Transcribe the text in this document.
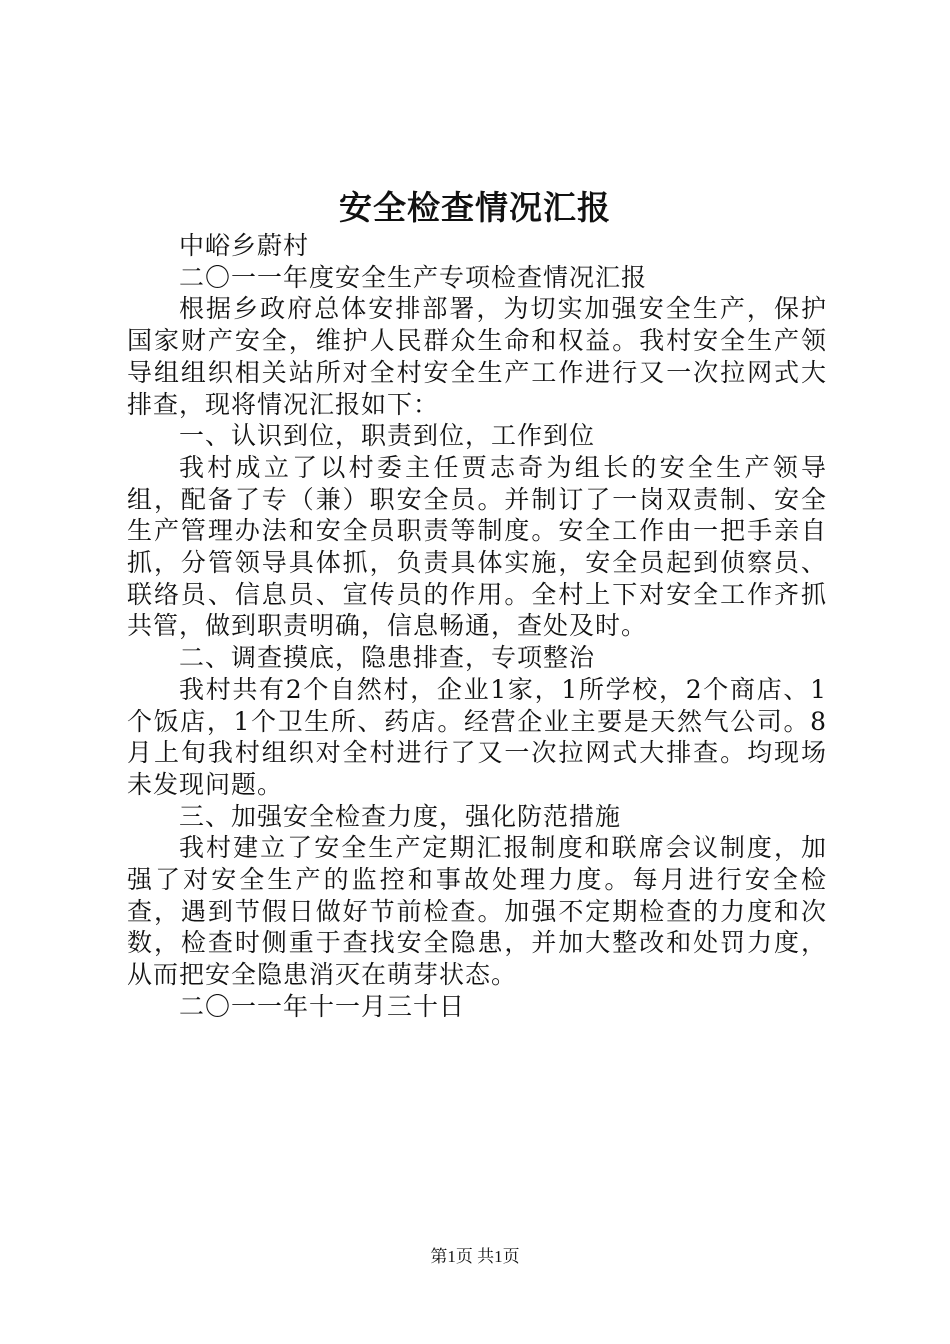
安全检查情况汇报

中峪乡蔚村

二〇一一年度安全生产专项检查情况汇报

根据乡政府总体安排部署，为切实加强安全生产，保护国家财产安全，维护人民群众生命和权益。我村安全生产领导组组织相关站所对全村安全生产工作进行又一次拉网式大排查，现将情况汇报如下：

一、认识到位，职责到位，工作到位

我村成立了以村委主任贾志奇为组长的安全生产领导组，配备了专（兼）职安全员。并制订了一岗双责制、安全生产管理办法和安全员职责等制度。安全工作由一把手亲自抓，分管领导具体抓，负责具体实施，安全员起到侦察员、联络员、信息员、宣传员的作用。全村上下对安全工作齐抓共管，做到职责明确，信息畅通，查处及时。

二、调查摸底，隐患排查，专项整治

我村共有2个自然村，企业1家，1所学校，2个商店、1个饭店，1个卫生所、药店。经营企业主要是天然气公司。8月上旬我村组织对全村进行了又一次拉网式大排查。均现场未发现问题。

三、加强安全检查力度，强化防范措施

我村建立了安全生产定期汇报制度和联席会议制度，加强了对安全生产的监控和事故处理力度。每月进行安全检查，遇到节假日做好节前检查。加强不定期检查的力度和次数，检查时侧重于查找安全隐患，并加大整改和处罚力度，从而把安全隐患消灭在萌芽状态。

二〇一一年十一月三十日

第1页 共1页
